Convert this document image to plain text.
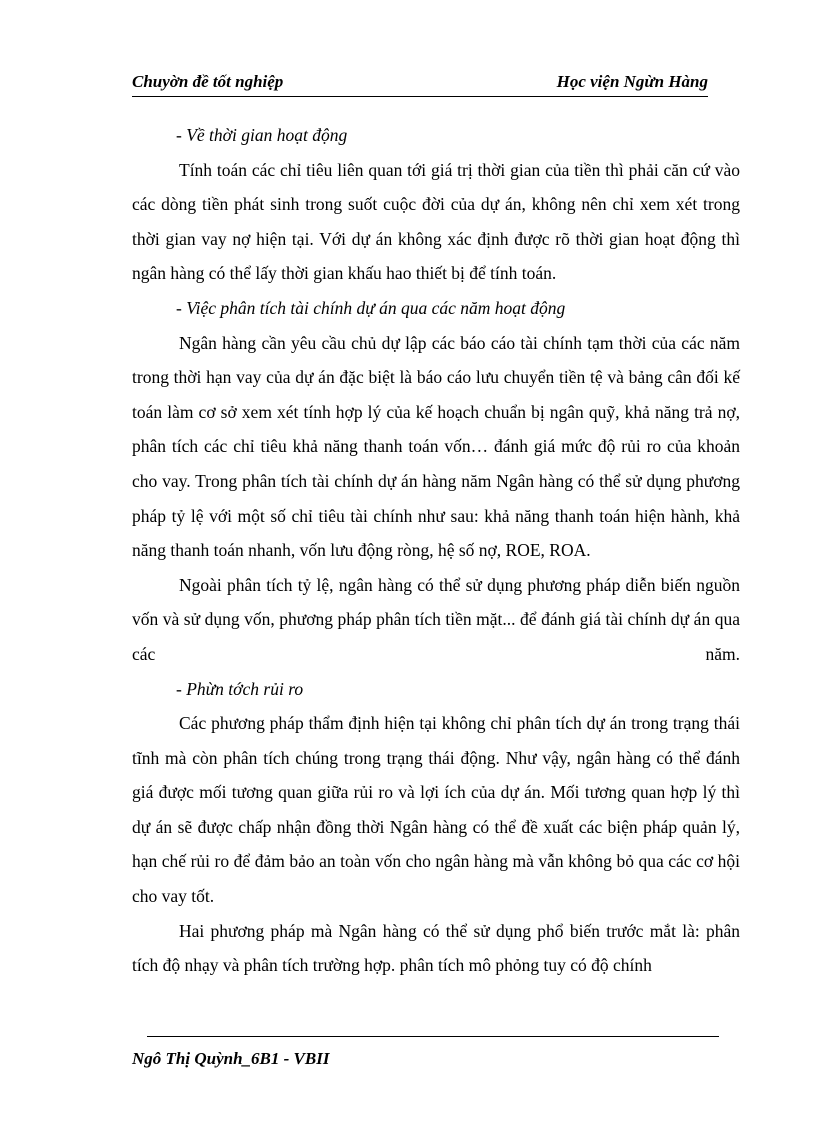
Chuyờn đề tốt nghiệp	Học viện Ngừn Hàng

- Về thời gian hoạt động

Tính toán các chỉ tiêu liên quan tới giá trị thời gian của tiền thì phải căn cứ vào các dòng tiền phát sinh trong suốt cuộc đời của dự án, không nên chỉ xem xét trong thời gian vay nợ hiện tại. Với dự án không xác định được rõ thời gian hoạt động thì ngân hàng có thể lấy thời gian khấu hao thiết bị để tính toán.

- Việc phân tích tài chính dự án qua các năm hoạt động

Ngân hàng cần yêu cầu chủ dự lập các báo cáo tài chính tạm thời của các năm trong thời hạn vay của dự án đặc biệt là báo cáo lưu chuyển tiền tệ và bảng cân đối kế toán làm cơ sở xem xét tính hợp lý của kế hoạch chuẩn bị ngân quỹ, khả năng trả nợ, phân tích các chỉ tiêu khả năng thanh toán vốn… đánh giá mức độ rủi ro của khoản cho vay. Trong phân tích tài chính dự án hàng năm Ngân hàng có thể sử dụng phương pháp tỷ lệ với một số chỉ tiêu tài chính như sau: khả năng thanh toán hiện hành, khả năng thanh toán nhanh, vốn lưu động ròng, hệ số nợ, ROE, ROA.

Ngoài phân tích tỷ lệ, ngân hàng có thể sử dụng phương pháp diễn biến nguồn vốn và sử dụng vốn, phương pháp phân tích tiền mặt... để đánh giá tài chính dự án qua các năm.

- Phừn tớch rủi ro

Các phương pháp thẩm định hiện tại không chỉ phân tích dự án trong trạng thái tĩnh mà còn phân tích chúng trong trạng thái động. Như vậy, ngân hàng có thể đánh giá được mối tương quan giữa rủi ro và lợi ích của dự án. Mối tương quan hợp lý thì dự án sẽ được chấp nhận đồng thời Ngân hàng có thể đề xuất các biện pháp quản lý, hạn chế rủi ro để đảm bảo an toàn vốn cho ngân hàng mà vẫn không bỏ qua các cơ hội cho vay tốt.

Hai phương pháp mà Ngân hàng có thể sử dụng phổ biến trước mắt là: phân tích độ nhạy và phân tích trường hợp. phân tích mô phỏng tuy có độ chính

Ngô Thị Quỳnh_6B1 - VBII
